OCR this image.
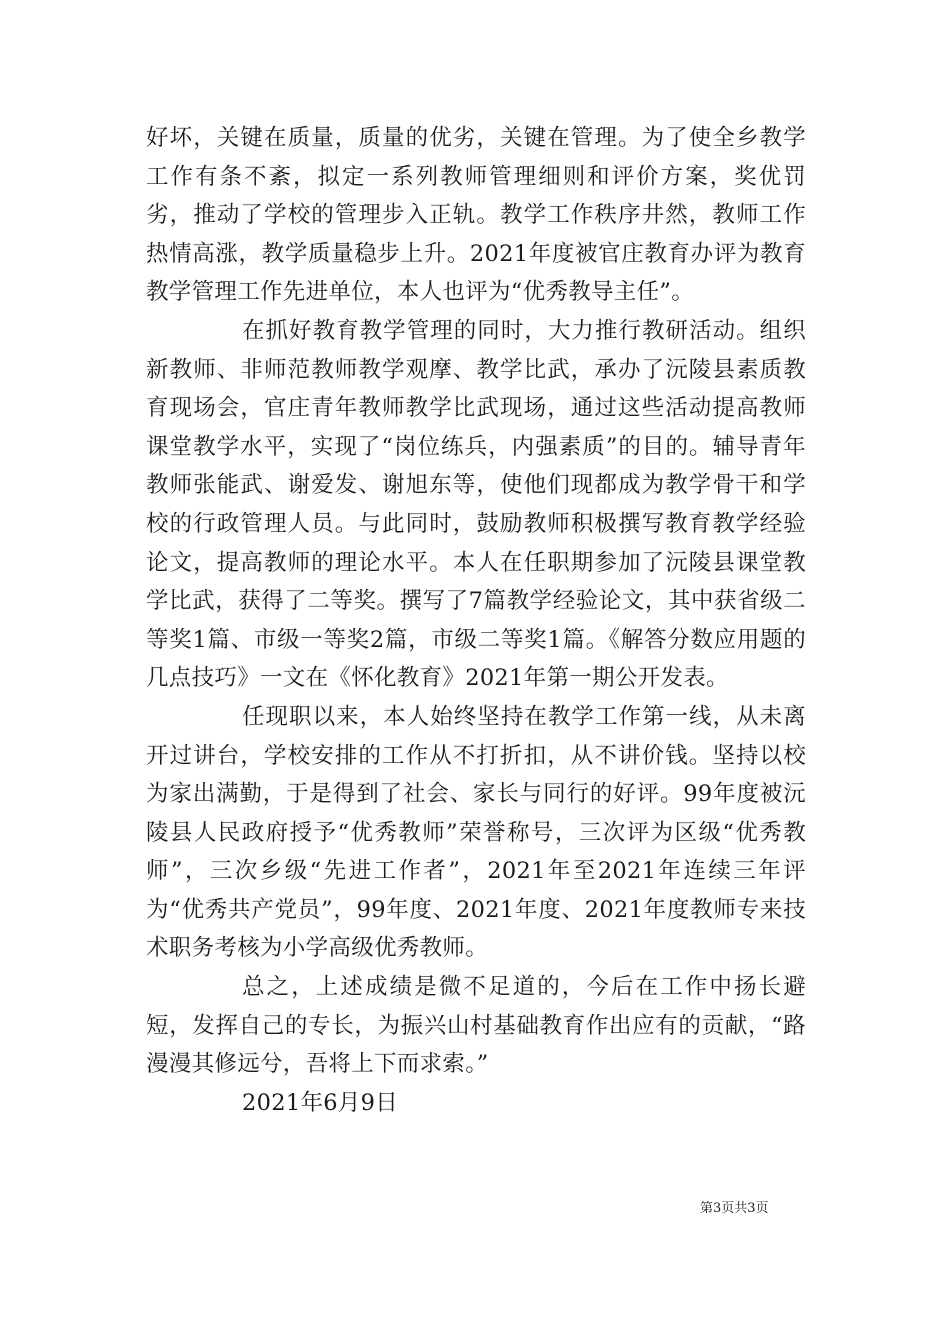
好坏，关键在质量，质量的优劣，关键在管理。为了使全乡教学工作有条不紊，拟定一系列教师管理细则和评价方案，奖优罚劣，推动了学校的管理步入正轨。教学工作秩序井然，教师工作热情高涨，教学质量稳步上升。2021年度被官庄教育办评为教育教学管理工作先进单位，本人也评为“优秀教导主任”。

在抓好教育教学管理的同时，大力推行教研活动。组织新教师、非师范教师教学观摩、教学比武，承办了沅陵县素质教育现场会，官庄青年教师教学比武现场，通过这些活动提高教师课堂教学水平，实现了“岗位练兵，内强素质”的目的。辅导青年教师张能武、谢爱发、谢旭东等，使他们现都成为教学骨干和学校的行政管理人员。与此同时，鼓励教师积极撰写教育教学经验论文，提高教师的理论水平。本人在任职期参加了沅陵县课堂教学比武，获得了二等奖。撰写了7篇教学经验论文，其中获省级二等奖1篇、市级一等奖2篇，市级二等奖1篇。《解答分数应用题的几点技巧》一文在《怀化教育》2021年第一期公开发表。

任现职以来，本人始终坚持在教学工作第一线，从未离开过讲台，学校安排的工作从不打折扣，从不讲价钱。坚持以校为家出满勤，于是得到了社会、家长与同行的好评。99年度被沅陵县人民政府授予“优秀教师”荣誉称号，三次评为区级“优秀教师”，三次乡级“先进工作者”，2021年至2021年连续三年评为“优秀共产党员”，99年度、2021年度、2021年度教师专来技术职务考核为小学高级优秀教师。

总之，上述成绩是微不足道的，今后在工作中扬长避短，发挥自己的专长，为振兴山村基础教育作出应有的贡献，“路漫漫其修远兮，吾将上下而求索。”

2021年6月9日

第3页共3页
